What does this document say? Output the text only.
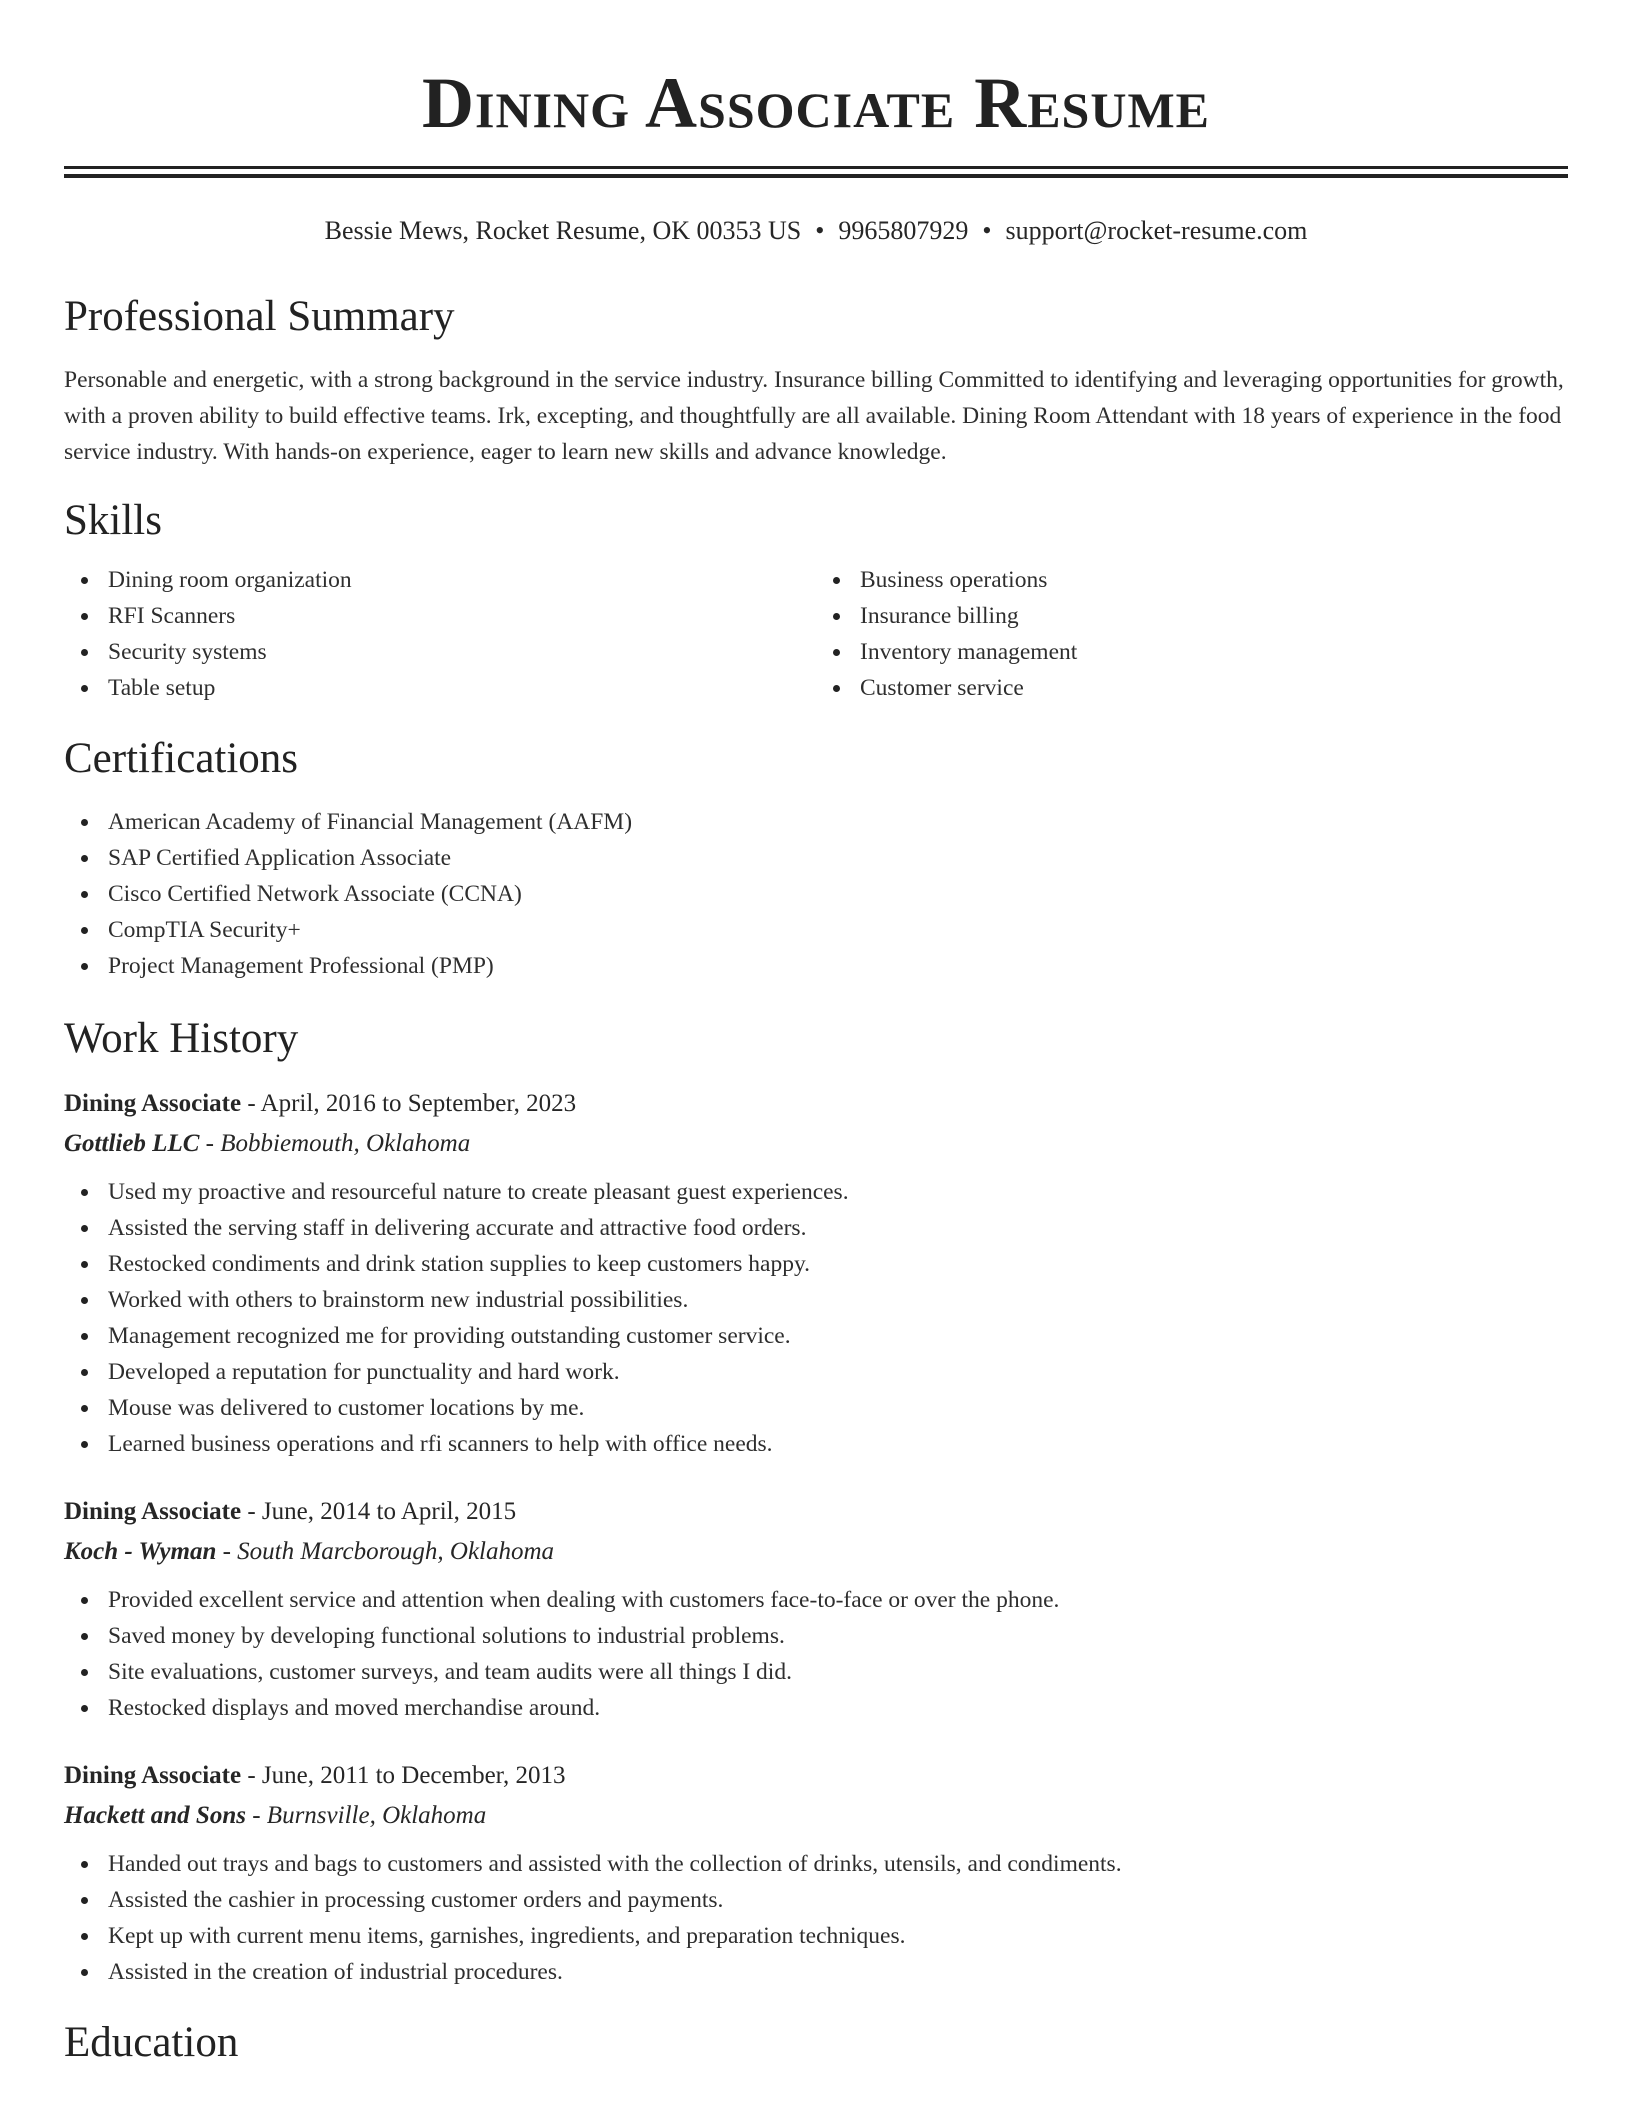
Dining Associate Resume
Bessie Mews, Rocket Resume, OK 00353 US • 9965807929 • support@rocket-resume.com
Professional Summary
Personable and energetic, with a strong background in the service industry. Insurance billing Committed to identifying and leveraging opportunities for growth, with a proven ability to build effective teams. Irk, excepting, and thoughtfully are all available. Dining Room Attendant with 18 years of experience in the food service industry. With hands-on experience, eager to learn new skills and advance knowledge.
Skills
Dining room organization
RFI Scanners
Security systems
Table setup
Business operations
Insurance billing
Inventory management
Customer service
Certifications
American Academy of Financial Management (AAFM)
SAP Certified Application Associate
Cisco Certified Network Associate (CCNA)
CompTIA Security+
Project Management Professional (PMP)
Work History
Dining Associate - April, 2016 to September, 2023
Gottlieb LLC - Bobbiemouth, Oklahoma
Used my proactive and resourceful nature to create pleasant guest experiences.
Assisted the serving staff in delivering accurate and attractive food orders.
Restocked condiments and drink station supplies to keep customers happy.
Worked with others to brainstorm new industrial possibilities.
Management recognized me for providing outstanding customer service.
Developed a reputation for punctuality and hard work.
Mouse was delivered to customer locations by me.
Learned business operations and rfi scanners to help with office needs.
Dining Associate - June, 2014 to April, 2015
Koch - Wyman - South Marcborough, Oklahoma
Provided excellent service and attention when dealing with customers face-to-face or over the phone.
Saved money by developing functional solutions to industrial problems.
Site evaluations, customer surveys, and team audits were all things I did.
Restocked displays and moved merchandise around.
Dining Associate - June, 2011 to December, 2013
Hackett and Sons - Burnsville, Oklahoma
Handed out trays and bags to customers and assisted with the collection of drinks, utensils, and condiments.
Assisted the cashier in processing customer orders and payments.
Kept up with current menu items, garnishes, ingredients, and preparation techniques.
Assisted in the creation of industrial procedures.
Education
